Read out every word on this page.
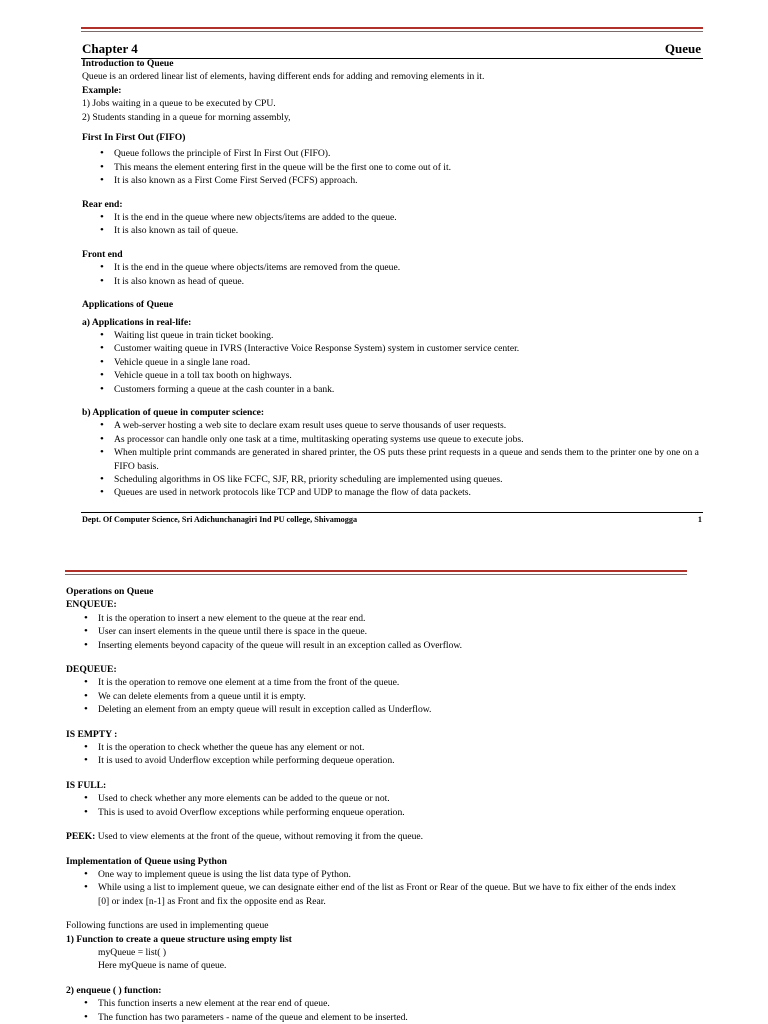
Chapter 4	Queue
Introduction to Queue
Queue is an ordered linear list of elements, having different ends for adding and removing elements in it.
Example:
1) Jobs waiting in a queue to be executed by CPU.
2) Students standing in a queue for morning assembly,
First In First Out (FIFO)
• Queue follows the principle of First In First Out (FIFO).
• This means the element entering first in the queue will be the first one to come out of it.
• It is also known as a First Come First Served (FCFS) approach.
Rear end:
• It is the end in the queue where new objects/items are added to the queue.
• It is also known as tail of queue.
Front end
• It is the end in the queue where objects/items are removed from the queue.
• It is also known as head of queue.
Applications of Queue
a) Applications in real-life:
• Waiting list queue in train ticket booking.
• Customer waiting queue in IVRS (Interactive Voice Response System) system in customer service center.
• Vehicle queue in a single lane road.
• Vehicle queue in a toll tax booth on highways.
• Customers forming a queue at the cash counter in a bank.
b) Application of queue in computer science:
• A web-server hosting a web site to declare exam result uses queue to serve thousands of user requests.
• As processor can handle only one task at a time, multitasking operating systems use queue to execute jobs.
• When multiple print commands are generated in shared printer, the OS puts these print requests in a queue and sends them to the printer one by one on a FIFO basis.
• Scheduling algorithms in OS like FCFC, SJF, RR, priority scheduling are implemented using queues.
• Queues are used in network protocols like TCP and UDP to manage the flow of data packets.
Dept. Of Computer Science, Sri Adichunchanagiri Ind PU college, Shivamogga	1
Operations on Queue
ENQUEUE:
• It is the operation to insert a new element to the queue at the rear end.
• User can insert elements in the queue until there is space in the queue.
• Inserting elements beyond capacity of the queue will result in an exception called as Overflow.
DEQUEUE:
• It is the operation to remove one element at a time from the front of the queue.
• We can delete elements from a queue until it is empty.
• Deleting an element from an empty queue will result in exception called as Underflow.
IS EMPTY :
• It is the operation to check whether the queue has any element or not.
• It is used to avoid Underflow exception while performing dequeue operation.
IS FULL:
• Used to check whether any more elements can be added to the queue or not.
• This is used to avoid Overflow exceptions while performing enqueue operation.
PEEK: Used to view elements at the front of the queue, without removing it from the queue.
Implementation of Queue using Python
• One way to implement queue is using the list data type of Python.
• While using a list to implement queue, we can designate either end of the list as Front or Rear of the queue. But we have to fix either of the ends index [0] or index [n-1] as Front and fix the opposite end as Rear.
Following functions are used in implementing queue
1) Function to create a queue structure using empty list
myQueue = list( )
Here myQueue is name of queue.
2) enqueue ( ) function:
• This function inserts a new element at the rear end of queue.
• The function has two parameters - name of the queue and element to be inserted.
